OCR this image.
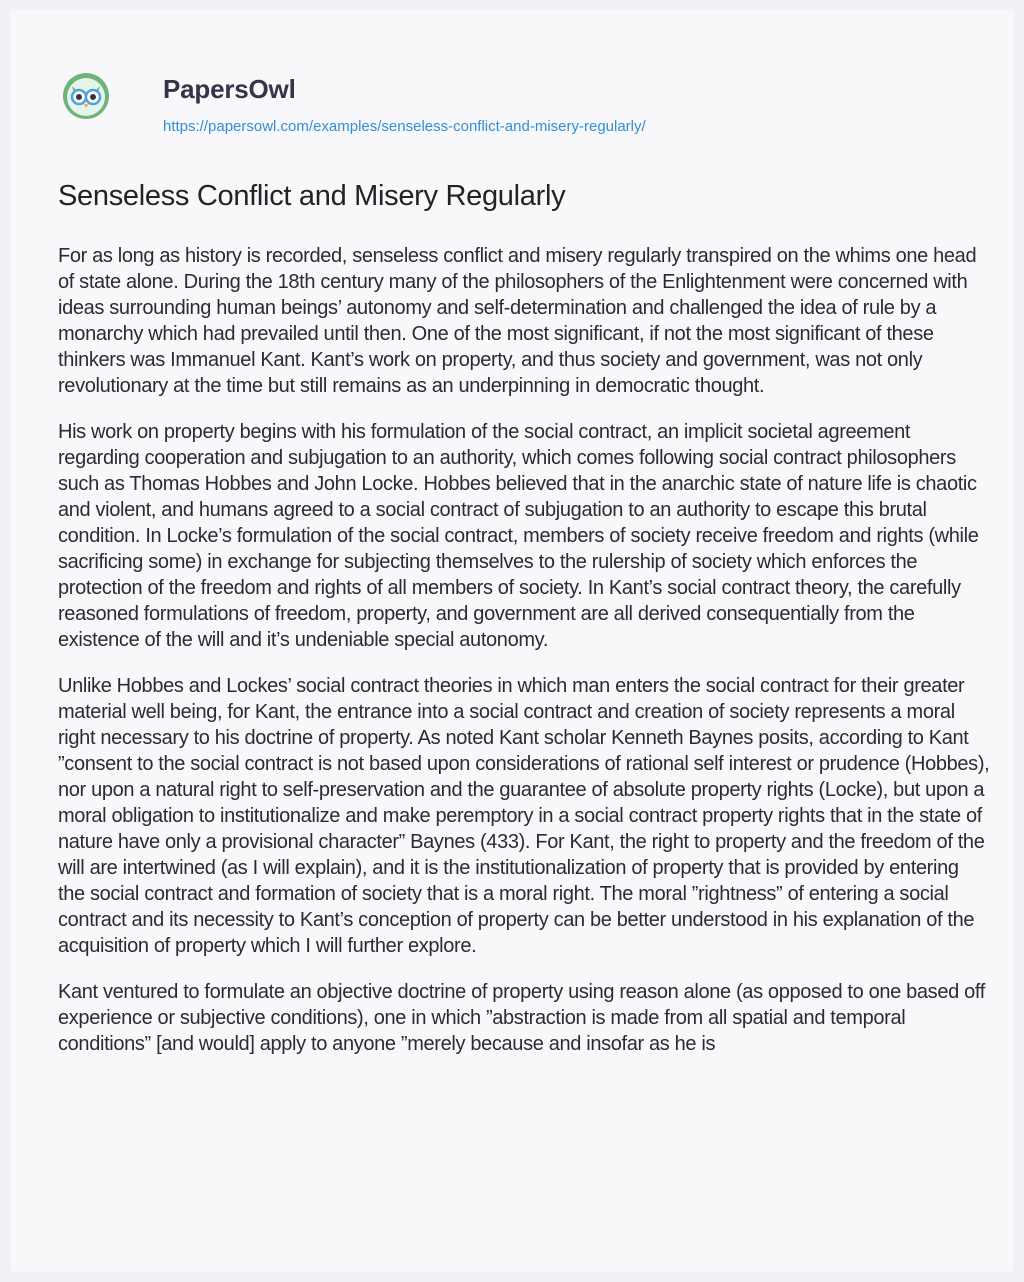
PapersOwl
https://papersowl.com/examples/senseless-conflict-and-misery-regularly/
Senseless Conflict and Misery Regularly

For as long as history is recorded, senseless conflict and misery regularly transpired on the whims one head of state alone. During the 18th century many of the philosophers of the Enlightenment were concerned with ideas surrounding human beings’ autonomy and self-determination and challenged the idea of rule by a monarchy which had prevailed until then. One of the most significant, if not the most significant of these thinkers was Immanuel Kant. Kant’s work on property, and thus society and government, was not only revolutionary at the time but still remains as an underpinning in democratic thought.

His work on property begins with his formulation of the social contract, an implicit societal agreement regarding cooperation and subjugation to an authority, which comes following social contract philosophers such as Thomas Hobbes and John Locke. Hobbes believed that in the anarchic state of nature life is chaotic and violent, and humans agreed to a social contract of subjugation to an authority to escape this brutal condition. In Locke’s formulation of the social contract, members of society receive freedom and rights (while sacrificing some) in exchange for subjecting themselves to the rulership of society which enforces the protection of the freedom and rights of all members of society. In Kant’s social contract theory, the carefully reasoned formulations of freedom, property, and government are all derived consequentially from the existence of the will and it’s undeniable special autonomy.

Unlike Hobbes and Lockes’ social contract theories in which man enters the social contract for their greater material well being, for Kant, the entrance into a social contract and creation of society represents a moral right necessary to his doctrine of property. As noted Kant scholar Kenneth Baynes posits, according to Kant ”consent to the social contract is not based upon considerations of rational self interest or prudence (Hobbes), nor upon a natural right to self-preservation and the guarantee of absolute property rights (Locke), but upon a moral obligation to institutionalize and make peremptory in a social contract property rights that in the state of nature have only a provisional character” Baynes (433). For Kant, the right to property and the freedom of the will are intertwined (as I will explain), and it is the institutionalization of property that is provided by entering the social contract and formation of society that is a moral right. The moral ”rightness” of entering a social contract and its necessity to Kant’s conception of property can be better understood in his explanation of the acquisition of property which I will further explore.

Kant ventured to formulate an objective doctrine of property using reason alone (as opposed to one based off experience or subjective conditions), one in which ”abstraction is made from all spatial and temporal conditions” [and would] apply to anyone ”merely because and insofar as he is
